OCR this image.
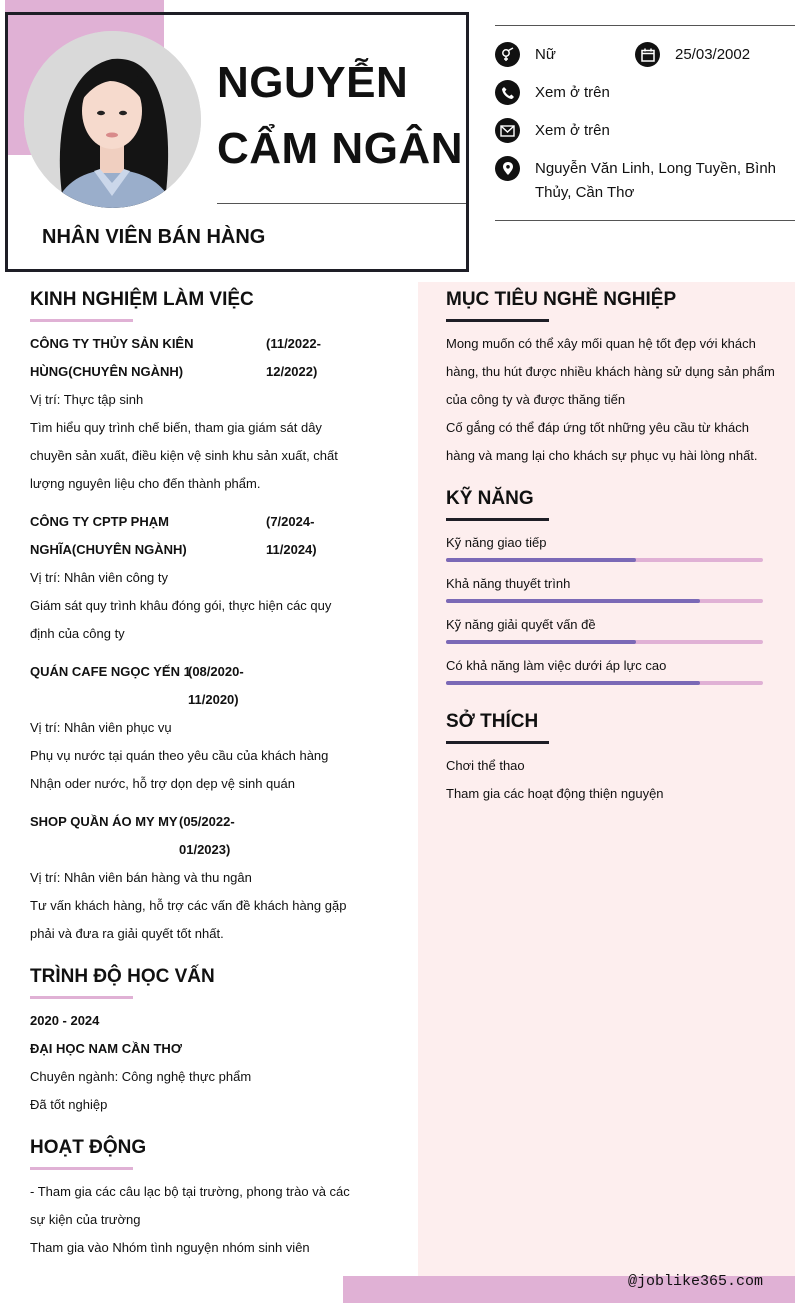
NGUYỄN
CẨM NGÂN
NHÂN VIÊN BÁN HÀNG
Nữ	25/03/2002
Xem ở trên
Xem ở trên
Nguyễn Văn Linh, Long Tuyền, Bình
Thủy, Cần Thơ
KINH NGHIỆM LÀM VIỆC
CÔNG TY THỦY SẢN KIÊN
HÙNG(CHUYÊN NGÀNH)
(11/2022-
12/2022)
Vị trí: Thực tập sinh
Tìm hiểu quy trình chế biến, tham gia giám sát dây
chuyền sản xuất, điều kiện vệ sinh khu sản xuất, chất
lượng nguyên liệu cho đến thành phẩm.
CÔNG TY CPTP PHẠM
NGHĨA(CHUYÊN NGÀNH)
(7/2024-
11/2024)
Vị trí: Nhân viên công ty
Giám sát quy trình khâu đóng gói, thực hiện các quy
định của công ty
QUÁN CAFE NGỌC YẾN 1
(08/2020-
11/2020)
Vị trí: Nhân viên phục vụ
Phụ vụ nước tại quán theo yêu cầu của khách hàng
Nhận oder nước, hỗ trợ dọn dẹp vệ sinh quán
SHOP QUẦN ÁO MY MY (05/2022-
01/2023)
Vị trí: Nhân viên bán hàng và thu ngân
Tư vấn khách hàng, hỗ trợ các vấn đề khách hàng gặp
phải và đưa ra giải quyết tốt nhất.
TRÌNH ĐỘ HỌC VẤN
2020 - 2024
ĐẠI HỌC NAM CẦN THƠ
Chuyên ngành: Công nghệ thực phẩm
Đã tốt nghiệp
HOẠT ĐỘNG
- Tham gia các câu lạc bộ tại trường, phong trào và các
sự kiện của trường
Tham gia vào Nhóm tình nguyện nhóm sinh viên
MỤC TIÊU NGHỀ NGHIỆP
Mong muốn có thể xây mối quan hệ tốt đẹp với khách
hàng, thu hút được nhiều khách hàng sử dụng sản phẩm
của công ty và được thăng tiến
Cố gắng có thể đáp ứng tốt những yêu cầu từ khách
hàng và mang lại cho khách sự phục vụ hài lòng nhất.
KỸ NĂNG
Kỹ năng giao tiếp
Khả năng thuyết trình
Kỹ năng giải quyết vấn đề
Có khả năng làm việc dưới áp lực cao
SỞ THÍCH
Chơi thể thao
Tham gia các hoạt động thiện nguyện
@joblike365.com
